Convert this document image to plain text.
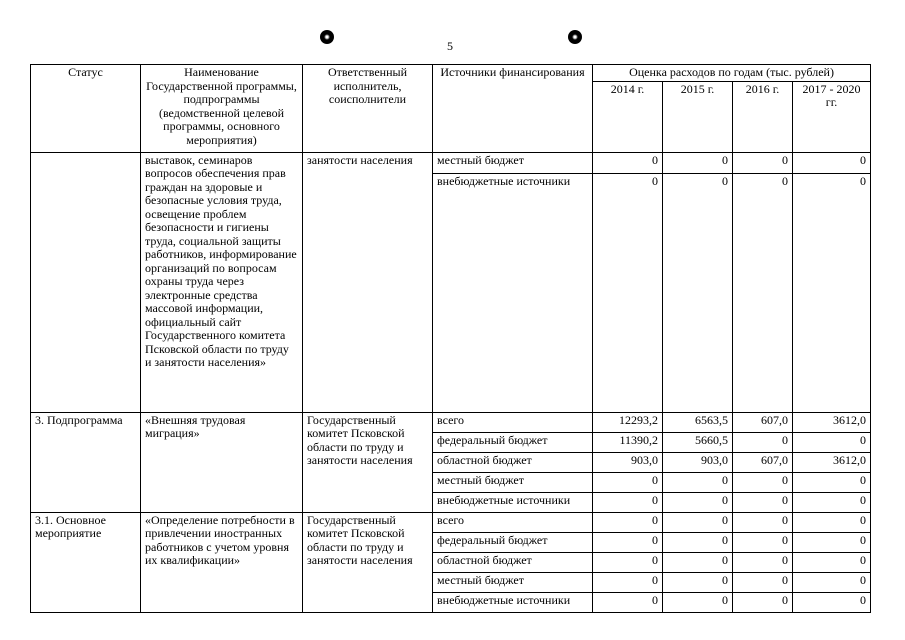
5
Статус	Наименование Государственной программы, подпрограммы (ведомственной целевой программы, основного мероприятия)	Ответственный исполнитель, соисполнители	Источники финансирования	Оценка расходов по годам (тыс. рублей)			
				2014 г.	2015 г.	2016 г.	2017 - 2020 гг.
	выставок, семинаров вопросов обеспечения прав граждан на здоровые и безопасные условия труда, освещение проблем безопасности и гигиены труда, социальной защиты работников, информирование организаций по вопросам охраны труда через электронные средства массовой информации, официальный сайт Государственного комитета Псковской области по труду и занятости населения»	занятости населения	местный бюджет	0	0	0	0
			внебюджетные источники	0	0	0	0
3. Подпрограмма	«Внешняя трудовая миграция»	Государственный комитет Псковской области по труду и занятости населения	всего	12293,2	6563,5	607,0	3612,0
			федеральный бюджет	11390,2	5660,5	0	0
			областной бюджет	903,0	903,0	607,0	3612,0
			местный бюджет	0	0	0	0
			внебюджетные источники	0	0	0	0
3.1. Основное мероприятие	«Определение потребности в привлечении иностранных работников с учетом уровня их квалификации»	Государственный комитет Псковской области по труду и занятости населения	всего	0	0	0	0
			федеральный бюджет	0	0	0	0
			областной бюджет	0	0	0	0
			местный бюджет	0	0	0	0
			внебюджетные источники	0	0	0	0
